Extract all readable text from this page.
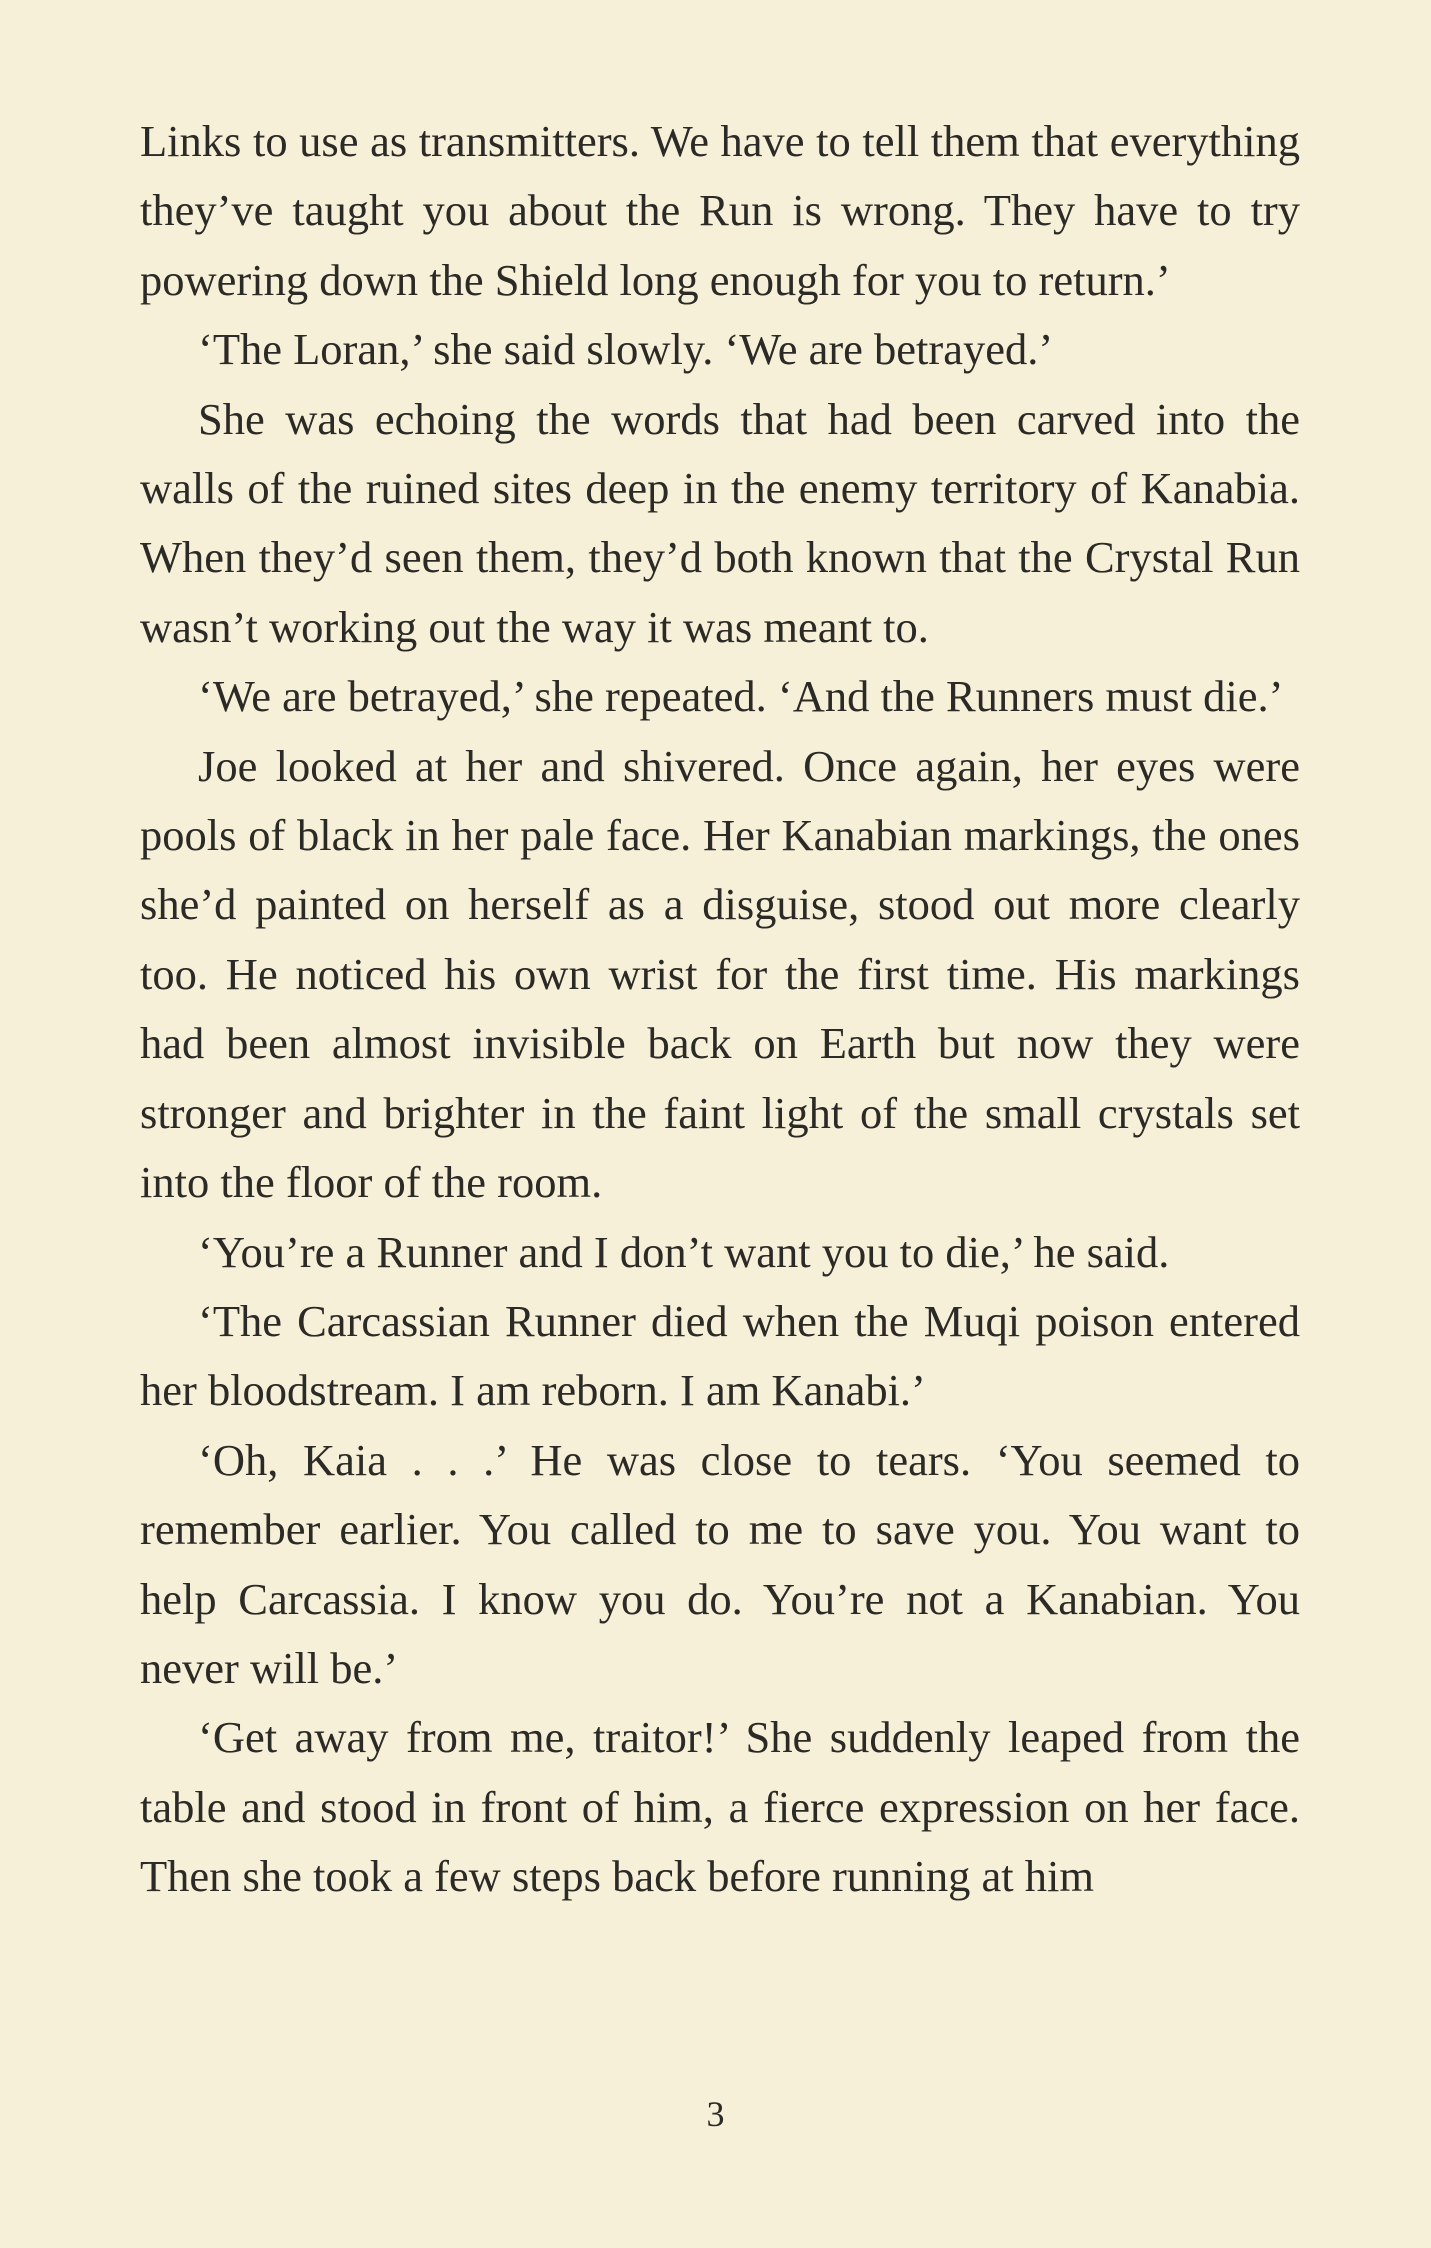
Links to use as transmitters. We have to tell them that everything they’ve taught you about the Run is wrong. They have to try powering down the Shield long enough for you to return.’

‘The Loran,’ she said slowly. ‘We are betrayed.’

She was echoing the words that had been carved into the walls of the ruined sites deep in the enemy territory of Kanabia. When they’d seen them, they’d both known that the Crystal Run wasn’t working out the way it was meant to.

‘We are betrayed,’ she repeated. ‘And the Runners must die.’

Joe looked at her and shivered. Once again, her eyes were pools of black in her pale face. Her Kanabian markings, the ones she’d painted on herself as a disguise, stood out more clearly too. He noticed his own wrist for the first time. His markings had been almost invisible back on Earth but now they were stronger and brighter in the faint light of the small crystals set into the floor of the room.

‘You’re a Runner and I don’t want you to die,’ he said.

‘The Carcassian Runner died when the Muqi poison entered her bloodstream. I am reborn. I am Kanabi.’

‘Oh, Kaia . . .’ He was close to tears. ‘You seemed to remember earlier. You called to me to save you. You want to help Carcassia. I know you do. You’re not a Kanabian. You never will be.’

‘Get away from me, traitor!’ She suddenly leaped from the table and stood in front of him, a fierce expression on her face. Then she took a few steps back before running at him

3
